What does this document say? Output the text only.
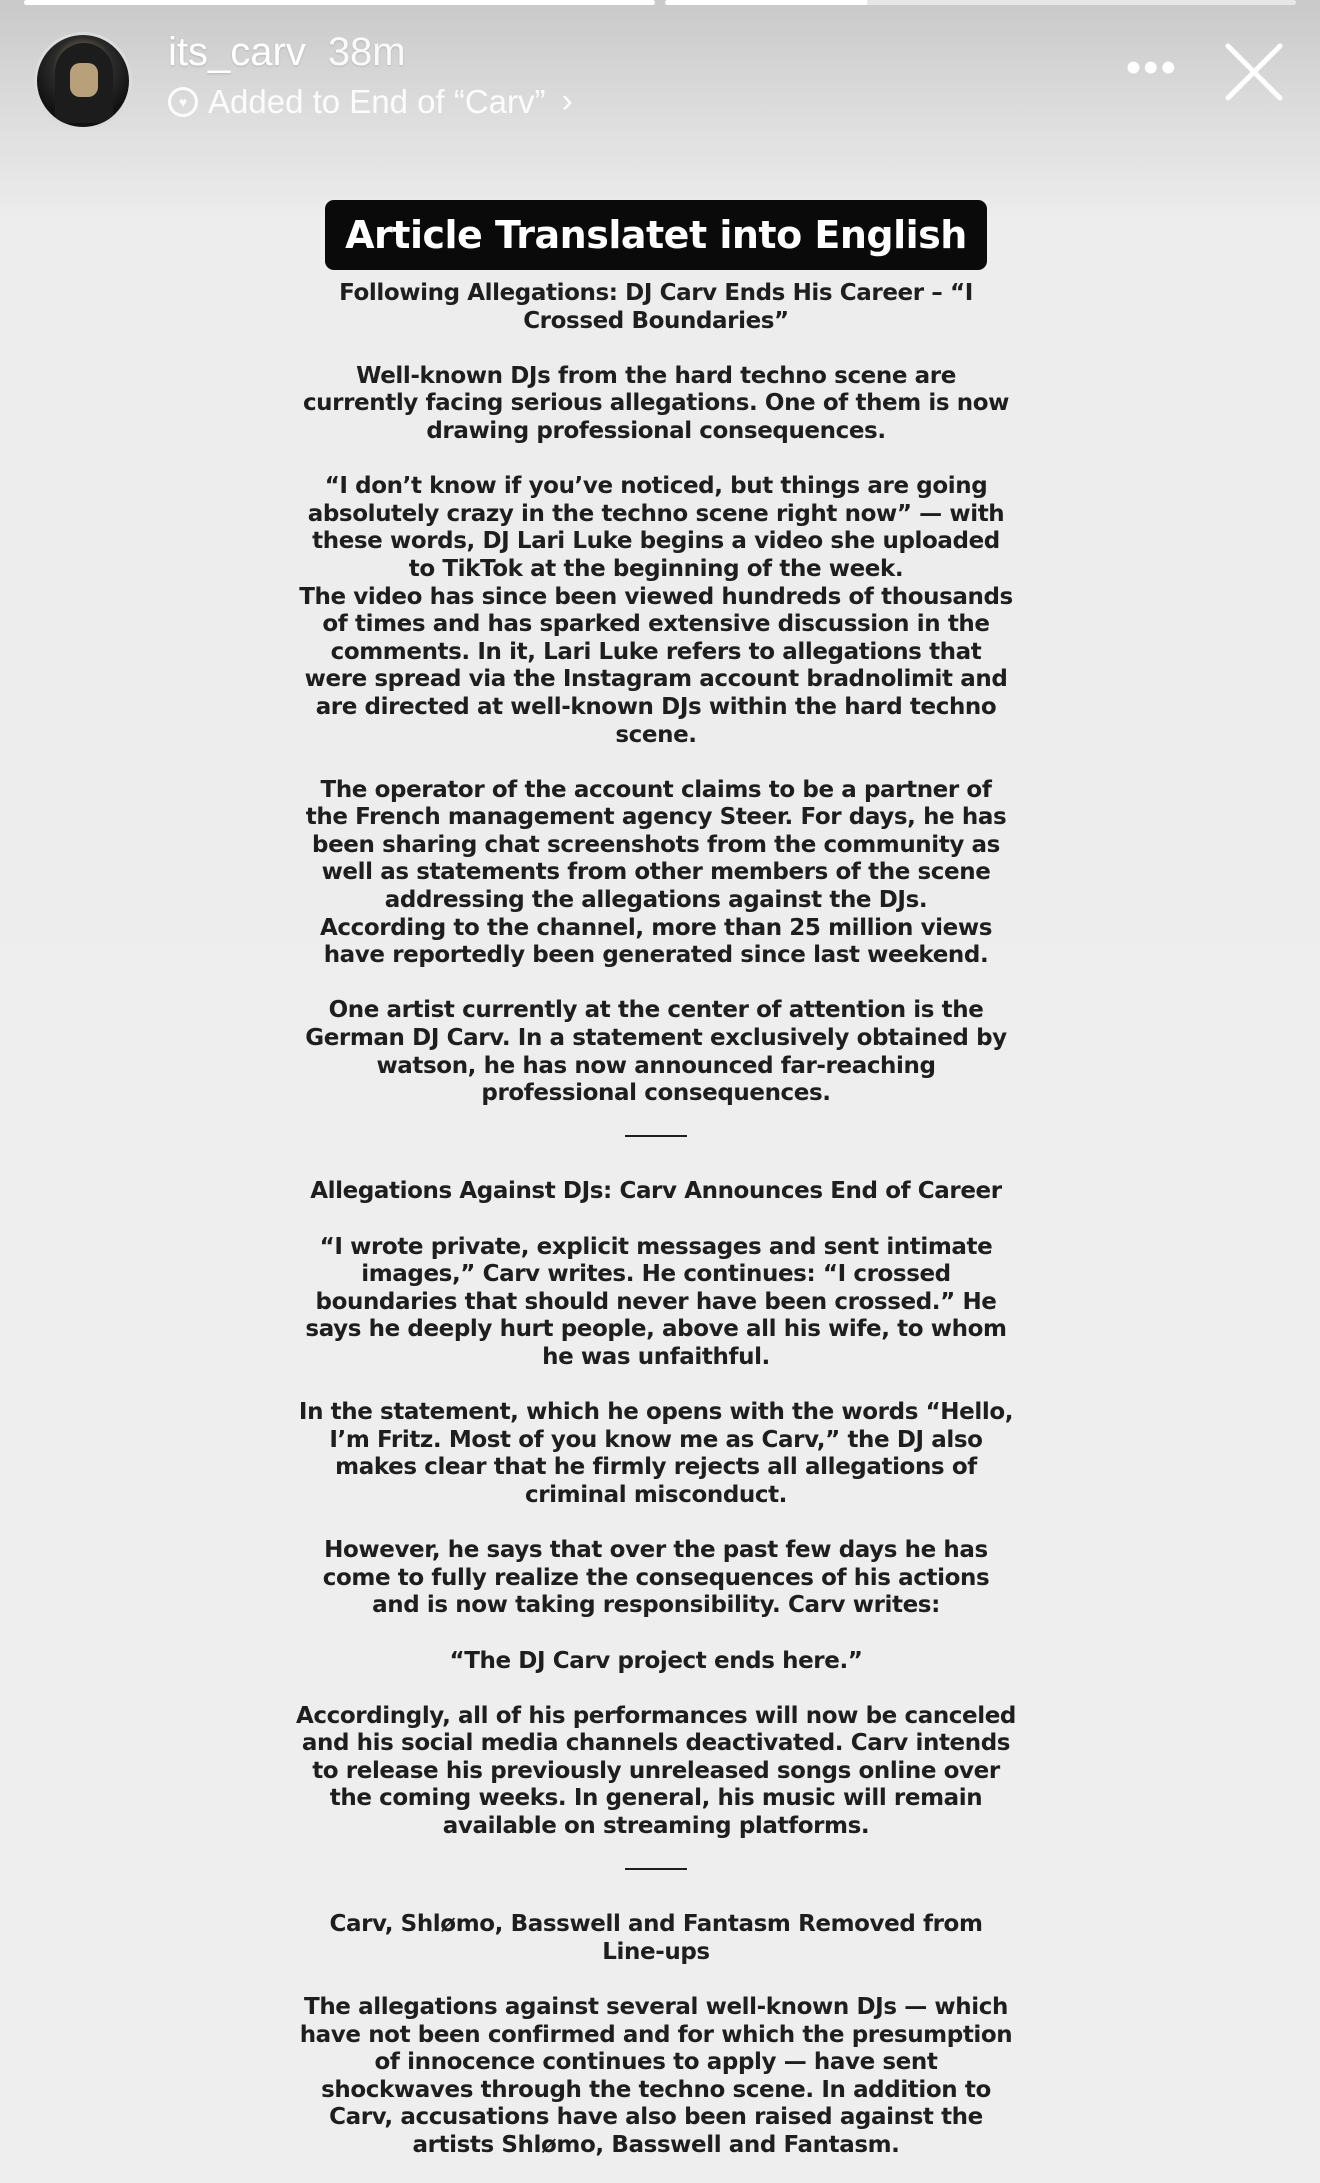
its_carv 38m
♥ Added to End of “Carv” ›
•••
Article Translatet into English

Following Allegations: DJ Carv Ends His Career – “I Crossed Boundaries”

Well-known DJs from the hard techno scene are currently facing serious allegations. One of them is now drawing professional consequences.

“I don’t know if you’ve noticed, but things are going absolutely crazy in the techno scene right now” — with these words, DJ Lari Luke begins a video she uploaded to TikTok at the beginning of the week.

The video has since been viewed hundreds of thousands of times and has sparked extensive discussion in the comments. In it, Lari Luke refers to allegations that were spread via the Instagram account bradnolimit and are directed at well-known DJs within the hard techno scene.

The operator of the account claims to be a partner of the French management agency Steer. For days, he has been sharing chat screenshots from the community as well as statements from other members of the scene addressing the allegations against the DJs.

According to the channel, more than 25 million views have reportedly been generated since last weekend.

One artist currently at the center of attention is the German DJ Carv. In a statement exclusively obtained by watson, he has now announced far-reaching professional consequences.

Allegations Against DJs: Carv Announces End of Career

“I wrote private, explicit messages and sent intimate images,” Carv writes. He continues: “I crossed boundaries that should never have been crossed.” He says he deeply hurt people, above all his wife, to whom he was unfaithful.

In the statement, which he opens with the words “Hello, I’m Fritz. Most of you know me as Carv,” the DJ also makes clear that he firmly rejects all allegations of criminal misconduct.

However, he says that over the past few days he has come to fully realize the consequences of his actions and is now taking responsibility. Carv writes:

“The DJ Carv project ends here.”

Accordingly, all of his performances will now be canceled and his social media channels deactivated. Carv intends to release his previously unreleased songs online over the coming weeks. In general, his music will remain available on streaming platforms.

Carv, Shlømo, Basswell and Fantasm Removed from Line-ups

The allegations against several well-known DJs — which have not been confirmed and for which the presumption of innocence continues to apply — have sent shockwaves through the techno scene. In addition to Carv, accusations have also been raised against the artists Shlømo, Basswell and Fantasm.
